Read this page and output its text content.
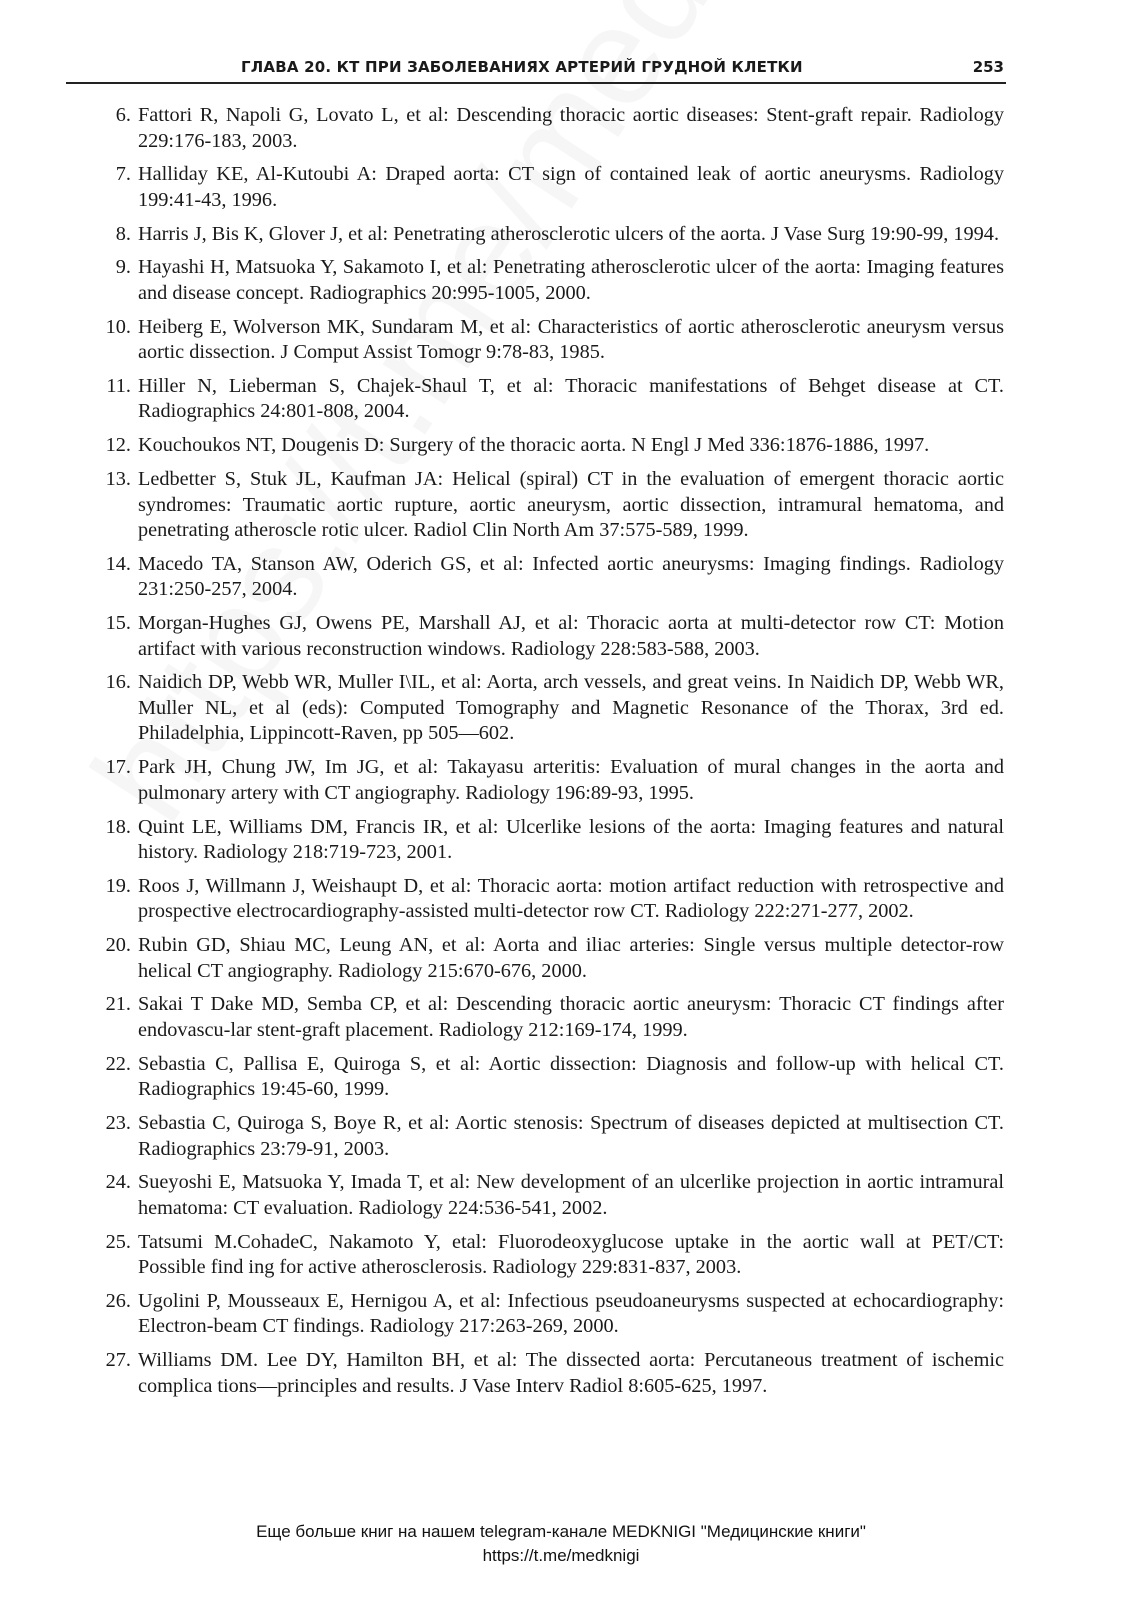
ГЛАВА 20. КТ ПРИ ЗАБОЛЕВАНИЯХ АРТЕРИЙ ГРУДНОЙ КЛЕТКИ	253
6. Fattori R, Napoli G, Lovato L, et al: Descending thoracic aortic diseases: Stent-graft repair. Radiology 229:176-183, 2003.
7. Halliday KE, Al-Kutoubi A: Draped aorta: CT sign of contained leak of aortic aneurysms. Radiology 199:41-43, 1996.
8. Harris J, Bis K, Glover J, et al: Penetrating atherosclerotic ulcers of the aorta. J Vase Surg 19:90-99, 1994.
9. Hayashi H, Matsuoka Y, Sakamoto I, et al: Penetrating atherosclerotic ulcer of the aorta: Imaging features and disease concept. Radiographics 20:995-1005, 2000.
10. Heiberg E, Wolverson MK, Sundaram M, et al: Characteristics of aortic atherosclerotic aneurysm versus aortic dissection. J Comput Assist Tomogr 9:78-83, 1985.
11. Hiller N, Lieberman S, Chajek-Shaul T, et al: Thoracic manifestations of Behget disease at CT. Radiographics 24:801-808, 2004.
12. Kouchoukos NT, Dougenis D: Surgery of the thoracic aorta. N Engl J Med 336:1876-1886, 1997.
13. Ledbetter S, Stuk JL, Kaufman JA: Helical (spiral) CT in the evaluation of emergent thoracic aortic syndromes: Traumatic aortic rupture, aortic aneurysm, aortic dissection, intramural hematoma, and penetrating atheroscle rotic ulcer. Radiol Clin North Am 37:575-589, 1999.
14. Macedo TA, Stanson AW, Oderich GS, et al: Infected aortic aneurysms: Imaging findings. Radiology 231:250-257, 2004.
15. Morgan-Hughes GJ, Owens PE, Marshall AJ, et al: Thoracic aorta at multi-detector row CT: Motion artifact with various reconstruction windows. Radiology 228:583-588, 2003.
16. Naidich DP, Webb WR, Muller I\IL, et al: Aorta, arch vessels, and great veins. In Naidich DP, Webb WR, Muller NL, et al (eds): Computed Tomography and Magnetic Resonance of the Thorax, 3rd ed. Philadelphia, Lippincott-Raven, pp 505—602.
17. Park JH, Chung JW, Im JG, et al: Takayasu arteritis: Evaluation of mural changes in the aorta and pulmonary artery with CT angiography. Radiology 196:89-93, 1995.
18. Quint LE, Williams DM, Francis IR, et al: Ulcerlike lesions of the aorta: Imaging features and natural history. Radiology 218:719-723, 2001.
19. Roos J, Willmann J, Weishaupt D, et al: Thoracic aorta: motion artifact reduction with retrospective and prospective electrocardiography-assisted multi-detector row CT. Radiology 222:271-277, 2002.
20. Rubin GD, Shiau MC, Leung AN, et al: Aorta and iliac arteries: Single versus multiple detector-row helical CT angiography. Radiology 215:670-676, 2000.
21. Sakai T Dake MD, Semba CP, et al: Descending thoracic aortic aneurysm: Thoracic CT findings after endovascu-lar stent-graft placement. Radiology 212:169-174, 1999.
22. Sebastia C, Pallisa E, Quiroga S, et al: Aortic dissection: Diagnosis and follow-up with helical CT. Radiographics 19:45-60, 1999.
23. Sebastia C, Quiroga S, Boye R, et al: Aortic stenosis: Spectrum of diseases depicted at multisection CT. Radiographics 23:79-91, 2003.
24. Sueyoshi E, Matsuoka Y, Imada T, et al: New development of an ulcerlike projection in aortic intramural hematoma: CT evaluation. Radiology 224:536-541, 2002.
25. Tatsumi M.CohadeC, Nakamoto Y, etal: Fluorodeoxyglucose uptake in the aortic wall at PET/CT: Possible find ing for active atherosclerosis. Radiology 229:831-837, 2003.
26. Ugolini P, Mousseaux E, Hernigou A, et al: Infectious pseudoaneurysms suspected at echocardiography: Electron-beam CT findings. Radiology 217:263-269, 2000.
27. Williams DM. Lee DY, Hamilton BH, et al: The dissected aorta: Percutaneous treatment of ischemic complica tions—principles and results. J Vase Interv Radiol 8:605-625, 1997.
Еще больше книг на нашем telegram-канале MEDKNIGI "Медицинские книги"
https://t.me/medknigi
